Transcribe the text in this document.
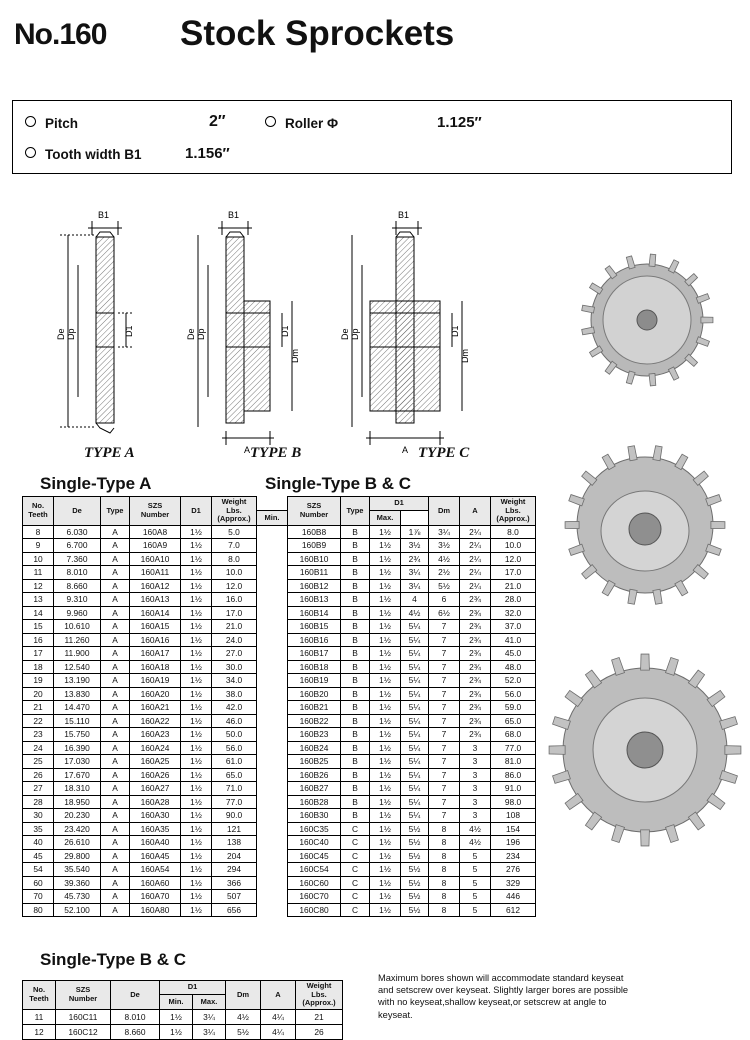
No.160 Stock Sprockets
Pitch	2″	Roller Φ	1.125″
Tooth width B1	1.156″
B1
De Dp	D1
B1
A
De Dp	D1
Dm
B1
A
De Dp	D1
Dm
TYPE A	TYPE B	TYPE C
Single-Type A	Single-Type B & C
Single-Type B & C
No.
Teeth	De	Type	SZS
Number	D1	Weight
Lbs.
(Approx.)		SZS
Number	Type	D1		Dm	A	Weight
Lbs.
(Approx.)
						Min.			Max.				
8	6.030	A	160A8	1½	5.0		160B8	B	1½	1⅞	3¼	2¼	8.0
9	6.700	A	160A9	1½	7.0		160B9	B	1½	3½	3½	2¼	10.0
10	7.360	A	160A10	1½	8.0		160B10	B	1½	2¾	4½	2¼	12.0
11	8.010	A	160A11	1½	10.0		160B11	B	1½	3¼	2½	2¼	17.0
12	8.660	A	160A12	1½	12.0		160B12	B	1½	3¼	5½	2¼	21.0
13	9.310	A	160A13	1½	16.0		160B13	B	1½	4	6	2¾	28.0
14	9.960	A	160A14	1½	17.0		160B14	B	1½	4½	6½	2¾	32.0
15	10.610	A	160A15	1½	21.0		160B15	B	1½	5¼	7	2¾	37.0
16	11.260	A	160A16	1½	24.0		160B16	B	1½	5¼	7	2¾	41.0
17	11.900	A	160A17	1½	27.0		160B17	B	1½	5¼	7	2¾	45.0
18	12.540	A	160A18	1½	30.0		160B18	B	1½	5¼	7	2¾	48.0
19	13.190	A	160A19	1½	34.0		160B19	B	1½	5¼	7	2¾	52.0
20	13.830	A	160A20	1½	38.0		160B20	B	1½	5¼	7	2¾	56.0
21	14.470	A	160A21	1½	42.0		160B21	B	1½	5¼	7	2¾	59.0
22	15.110	A	160A22	1½	46.0		160B22	B	1½	5¼	7	2¾	65.0
23	15.750	A	160A23	1½	50.0		160B23	B	1½	5¼	7	2¾	68.0
24	16.390	A	160A24	1½	56.0		160B24	B	1½	5¼	7	3	77.0
25	17.030	A	160A25	1½	61.0		160B25	B	1½	5¼	7	3	81.0
26	17.670	A	160A26	1½	65.0		160B26	B	1½	5¼	7	3	86.0
27	18.310	A	160A27	1½	71.0		160B27	B	1½	5¼	7	3	91.0
28	18.950	A	160A28	1½	77.0		160B28	B	1½	5¼	7	3	98.0
30	20.230	A	160A30	1½	90.0		160B30	B	1½	5¼	7	3	108
35	23.420	A	160A35	1½	121		160C35	C	1½	5½	8	4½	154
40	26.610	A	160A40	1½	138		160C40	C	1½	5½	8	4½	196
45	29.800	A	160A45	1½	204		160C45	C	1½	5½	8	5	234
54	35.540	A	160A54	1½	294		160C54	C	1½	5½	8	5	276
60	39.360	A	160A60	1½	366		160C60	C	1½	5½	8	5	329
70	45.730	A	160A70	1½	507		160C70	C	1½	5½	8	5	446
80	52.100	A	160A80	1½	656		160C80	C	1½	5½	8	5	612
No.
Teeth	SZS
Number	De	D1		Dm	A	Weight
Lbs.
(Approx.)
			Min.	Max.			
11	160C11	8.010	1½	3¼	4½	4¼	21
12	160C12	8.660	1½	3¼	5½	4¼	26
Maximum bores shown will accommodate standard keyseat and setscrew over keyseat. Slightly larger bores are possible with no keyseat,shallow keyseat,or setscrew at angle to keyseat.
